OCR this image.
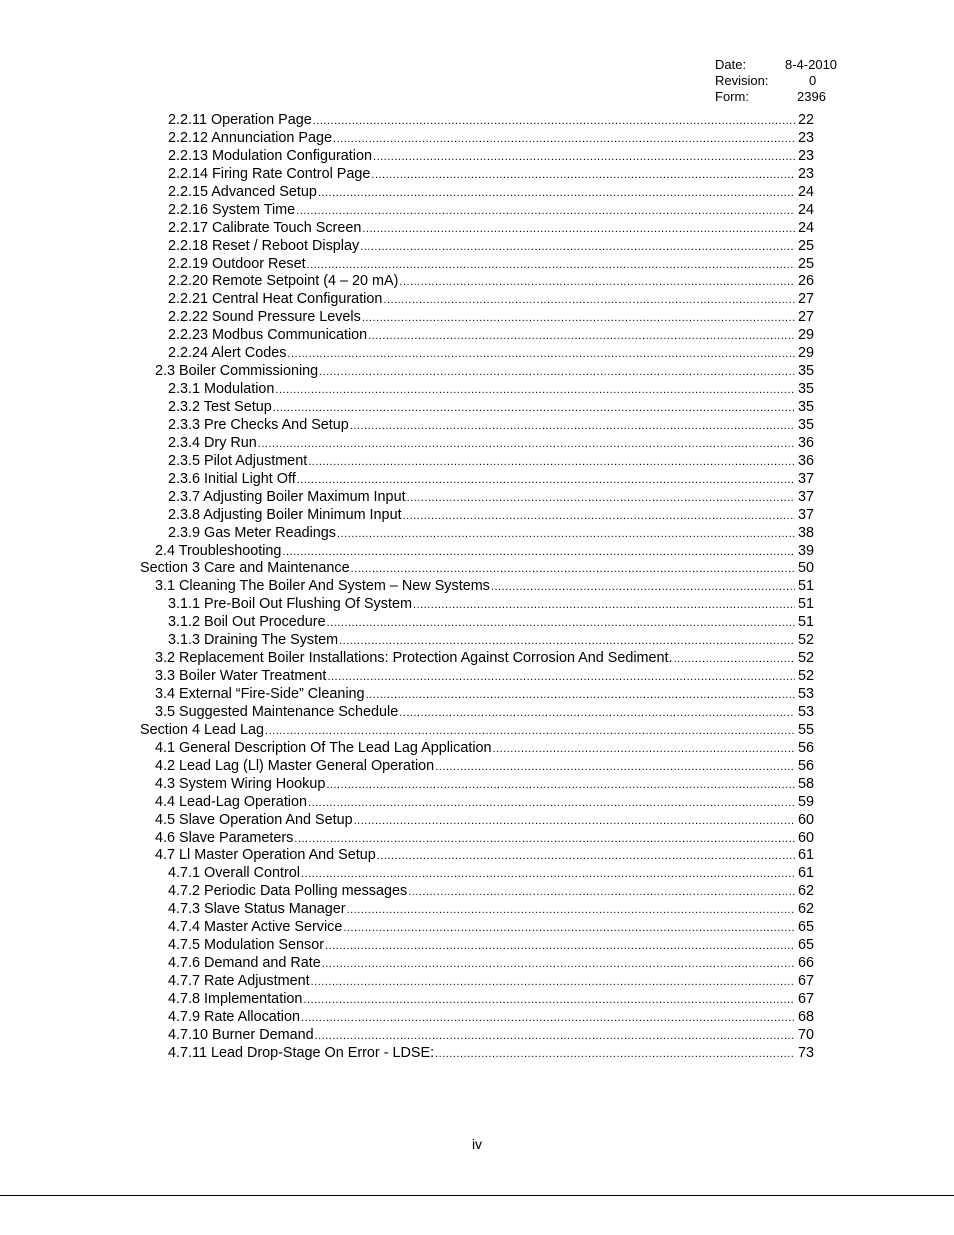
Date:	8-4-2010
Revision:	0
Form:	2396
2.2.11 Operation Page .....	22
2.2.12 Annunciation Page .....	23
2.2.13 Modulation Configuration .....	23
2.2.14 Firing Rate Control Page .....	23
2.2.15 Advanced Setup .....	24
2.2.16 System Time .....	24
2.2.17 Calibrate Touch Screen .....	24
2.2.18 Reset / Reboot Display .....	25
2.2.19 Outdoor Reset .....	25
2.2.20 Remote Setpoint (4 – 20 mA) .....	26
2.2.21 Central Heat Configuration .....	27
2.2.22 Sound Pressure Levels .....	27
2.2.23 Modbus Communication .....	29
2.2.24 Alert Codes .....	29
2.3 Boiler Commissioning .....	35
2.3.1 Modulation .....	35
2.3.2 Test Setup .....	35
2.3.3 Pre Checks And Setup .....	35
2.3.4 Dry Run .....	36
2.3.5 Pilot Adjustment .....	36
2.3.6 Initial Light Off .....	37
2.3.7 Adjusting Boiler Maximum Input .....	37
2.3.8 Adjusting Boiler Minimum Input .....	37
2.3.9 Gas Meter Readings .....	38
2.4 Troubleshooting .....	39
Section 3 Care and Maintenance .....	50
3.1 Cleaning The Boiler And System – New Systems .....	51
3.1.1 Pre-Boil Out Flushing Of System .....	51
3.1.2 Boil Out Procedure .....	51
3.1.3 Draining The System .....	52
3.2 Replacement Boiler Installations: Protection Against Corrosion And Sediment. .....	52
3.3 Boiler Water Treatment .....	52
3.4 External “Fire-Side” Cleaning .....	53
3.5 Suggested Maintenance Schedule .....	53
Section 4 Lead Lag .....	55
4.1 General Description Of The Lead Lag Application .....	56
4.2 Lead Lag (Ll) Master General Operation .....	56
4.3 System Wiring Hookup .....	58
4.4 Lead-Lag Operation .....	59
4.5 Slave Operation And Setup .....	60
4.6 Slave Parameters .....	60
4.7 Ll Master Operation And Setup .....	61
4.7.1 Overall Control .....	61
4.7.2 Periodic Data Polling messages .....	62
4.7.3 Slave Status Manager .....	62
4.7.4 Master Active Service .....	65
4.7.5 Modulation Sensor .....	65
4.7.6 Demand and Rate .....	66
4.7.7 Rate Adjustment .....	67
4.7.8 Implementation .....	67
4.7.9 Rate Allocation .....	68
4.7.10 Burner Demand .....	70
4.7.11 Lead Drop-Stage On Error - LDSE: .....	73
iv
